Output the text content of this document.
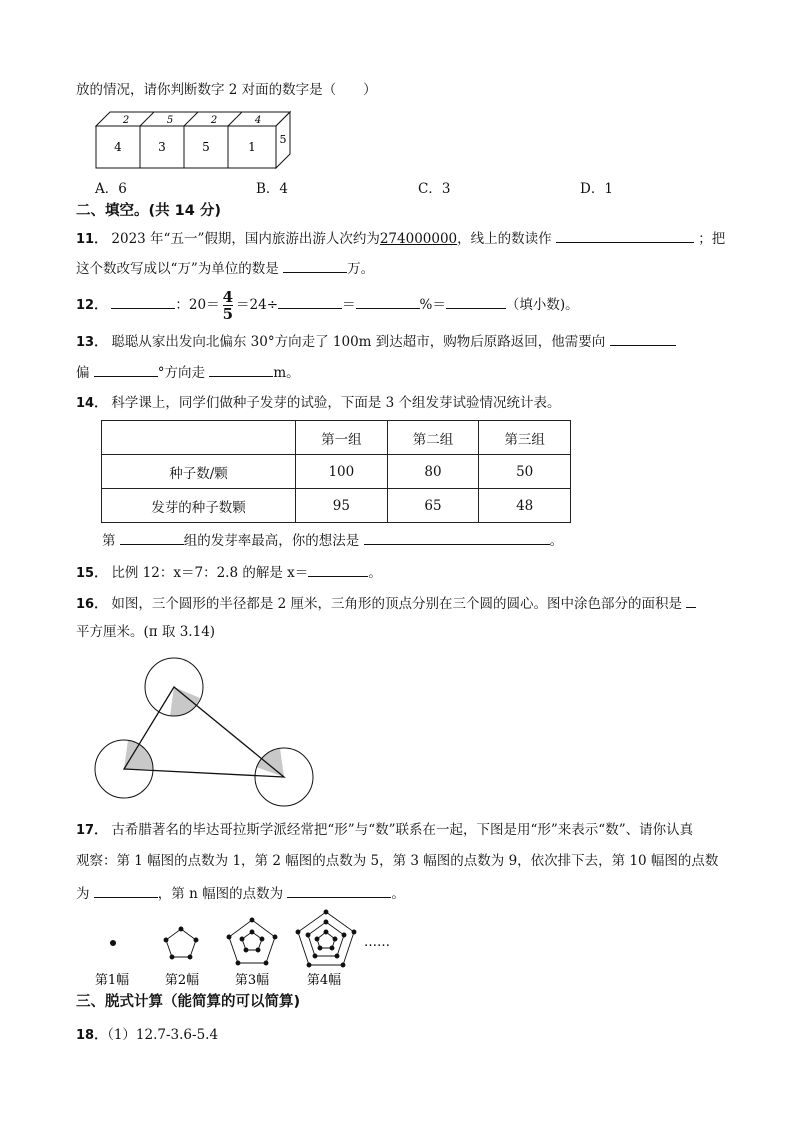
放的情况，请你判断数字 2 对面的数字是（　　）
2	5	2	4
4	3	5	1
5
A．6	B．4	C．3	D．1
二、填空。(共 14 分)
11． 2023 年“五一”假期，国内旅游出游人次约为274000000，线上的数读作	；把
这个数改写成以“万”为单位的数是	万。
12．	：$20= \frac{4}{5} =24\div$	＝	%＝	（填小数)。
13． 聪聪从家出发向北偏东 30°方向走了 100m 到达超市，购物后原路返回，他需要向
偏	°方向走	m。
14． 科学课上，同学们做种子发芽的试验，下面是 3 个组发芽试验情况统计表。
	第一组	第二组	第三组
种子数/颗	100	80	50
发芽的种子数颗	95	65	48
第	组的发芽率最高，你的想法是	。
15． 比例 12：x＝7：2.8 的解是 x＝	。
16． 如图，三个圆形的半径都是 2 厘米，三角形的顶点分别在三个圆的圆心。图中涂色部分的面积是
平方厘米。(π 取 3.14)
17． 古希腊著名的毕达哥拉斯学派经常把“形”与“数”联系在一起，下图是用“形”来表示“数”、请你认真
观察：第 1 幅图的点数为 1，第 2 幅图的点数为 5，第 3 幅图的点数为 9，依次排下去，第 10 幅图的点数
为	，第 n 幅图的点数为	。
……
第1幅	第2幅	第3幅	第4幅
三、脱式计算（能简算的可以简算)
18．（1）12.7-3.6-5.4
